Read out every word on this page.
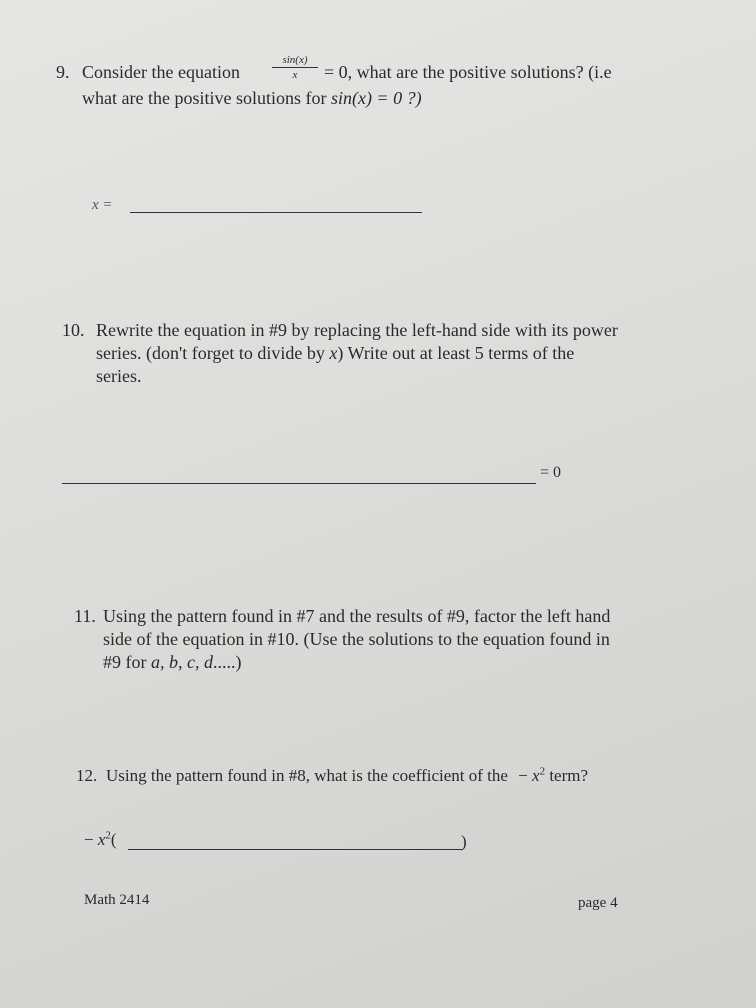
9. Consider the equation
sin(x)
x	= 0, what are the positive solutions? (i.e
what are the positive solutions for sin(x) = 0 ?)
x =
10. Rewrite the equation in #9 by replacing the left-hand side with its power
series. (don't forget to divide by x) Write out at least 5 terms of the
series.
= 0
11. Using the pattern found in #7 and the results of #9, factor the left hand
side of the equation in #10. (Use the solutions to the equation found in
#9 for a, b, c, d.....)
12. Using the pattern found in #8, what is the coefficient of the − $x^2$ term?
− $x^2$(	)
Math 2414	page 4
